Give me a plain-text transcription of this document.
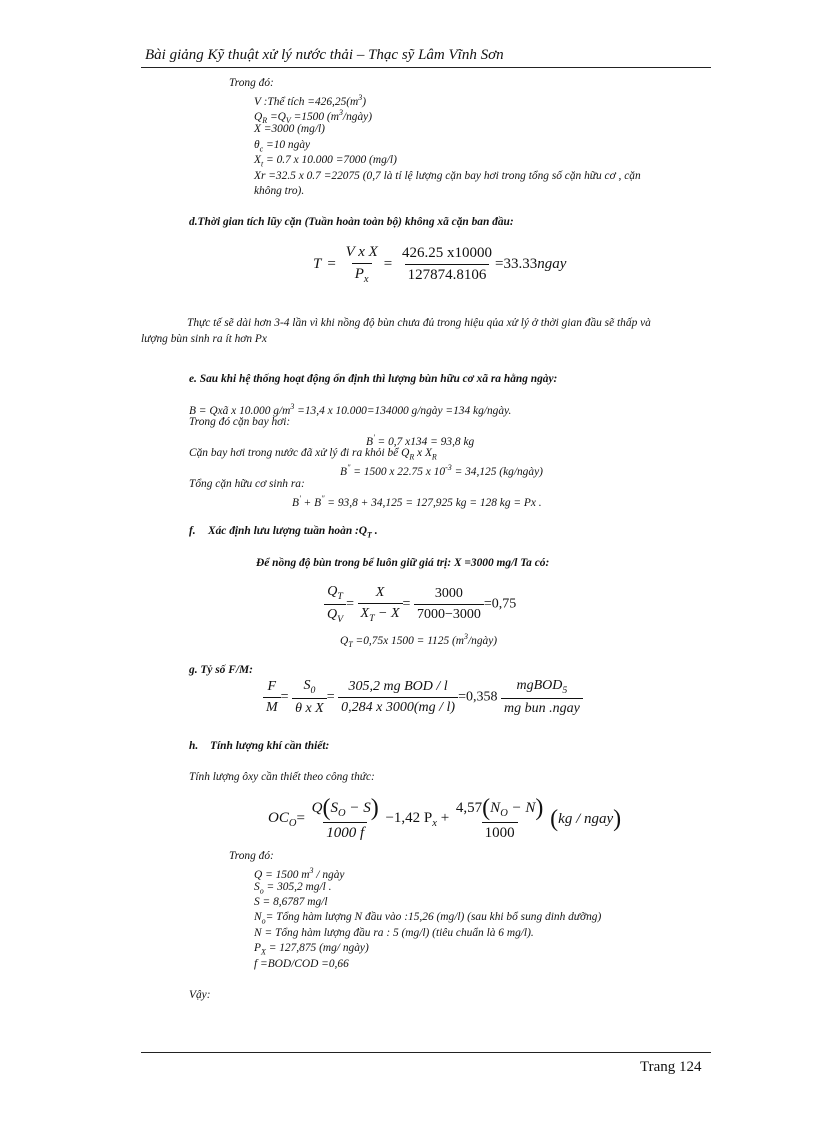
Bài giảng Kỹ thuật xử lý nước thải – Thạc sỹ Lâm Vĩnh Sơn
Trong đó:
V :Thể tích $=426,25(m^3)$
$Q_R =Q_V =1500$ $(m^3/ngày)$
X =3000 (mg/l)
$\theta_c =10$ ngày
$X_t = 0.7$ x 10.000 =7000 (mg/l)
Xr =32.5 x 0.7 =22075 (0,7 là tỉ lệ lượng cặn bay hơi trong tổng số cặn hữu cơ , cặn
không tro).
d.Thời gian tích lũy cặn (Tuần hoàn toàn bộ) không xã cặn ban đầu:
$T = \frac{\text{V x X}}{P_x} = \frac{426.25 x10000}{127874.8106}$ =33.33ngay
Thực tế sẽ dài hơn 3-4 lần vì khi nồng độ bùn chưa đủ trong hiệu qủa xử lý ở thời gian đầu sẽ thấp và
lượng bùn sinh ra ít hơn Px
e. Sau khi hệ thống hoạt động ổn định thì lượng bùn hữu cơ xã ra hằng ngày:
B = Qxã x 10.000 $g/m^3 =13,4$ x 10.000=134000 g/ngày =134 kg/ngày.
Trong đó cặn bay hơi:
B' = 0,7 x134 = 93,8 kg
Cặn bay hơi trong nước đã xử lý đi ra khỏi bể $Q_R$ x $X_R$
B'' = 1500 x 22.75 x $10^{-3} = 34,125$ (kg/ngày)
Tổng cặn hữu cơ sinh ra:
B' + B'' = 93,8 + 34,125 = 127,925 kg = 128 kg = Px .
f. Xác định lưu lượng tuần hoàn $:Q_T$ .
Để nồng độ bùn trong bể luôn giữ giá trị: X =3000 mg/l Ta có:
$\frac{Q_T}{Q_V} = \frac{X}{X_T - X} = \frac{3000}{7000-3000} =0,75$
$Q_T =0,75x$ 1500 = 1125 $(m^3/ngày)$
g. Tỷ số F/M:
$\frac{F}{M} = \frac{S_0}{\text{θ x X}} = \frac{\text{305,2 mg BOD / l}}{0,284 x 3000(mg / l)} =0,358 \frac{mgBOD_5}{\text{mg bun .ngay}}$
h. Tính lượng khí cần thiết:
Tính lượng ôxy cần thiết theo công thức:
$OC_O= \frac{Q(S_O - S)}{1000 f} -1,42$ $P_x + \frac{4,57(N_O - N)}{1000} (kg$ / ngay)
Trong đó:
Q = 1500 $m^3$ / ngày
$S_o = 305,2$ mg/l .
S = 8,6787 mg/l
$N_o=$ Tổng hàm lượng N đầu vào :15,26 (mg/l) (sau khi bổ sung dinh dưỡng)
N = Tổng hàm lượng đầu ra : 5 (mg/l) (tiêu chuẩn là 6 mg/l).
$P_X = 127,875$ (mg/ ngày)
f =BOD/COD =0,66
Vậy:
Trang 124
